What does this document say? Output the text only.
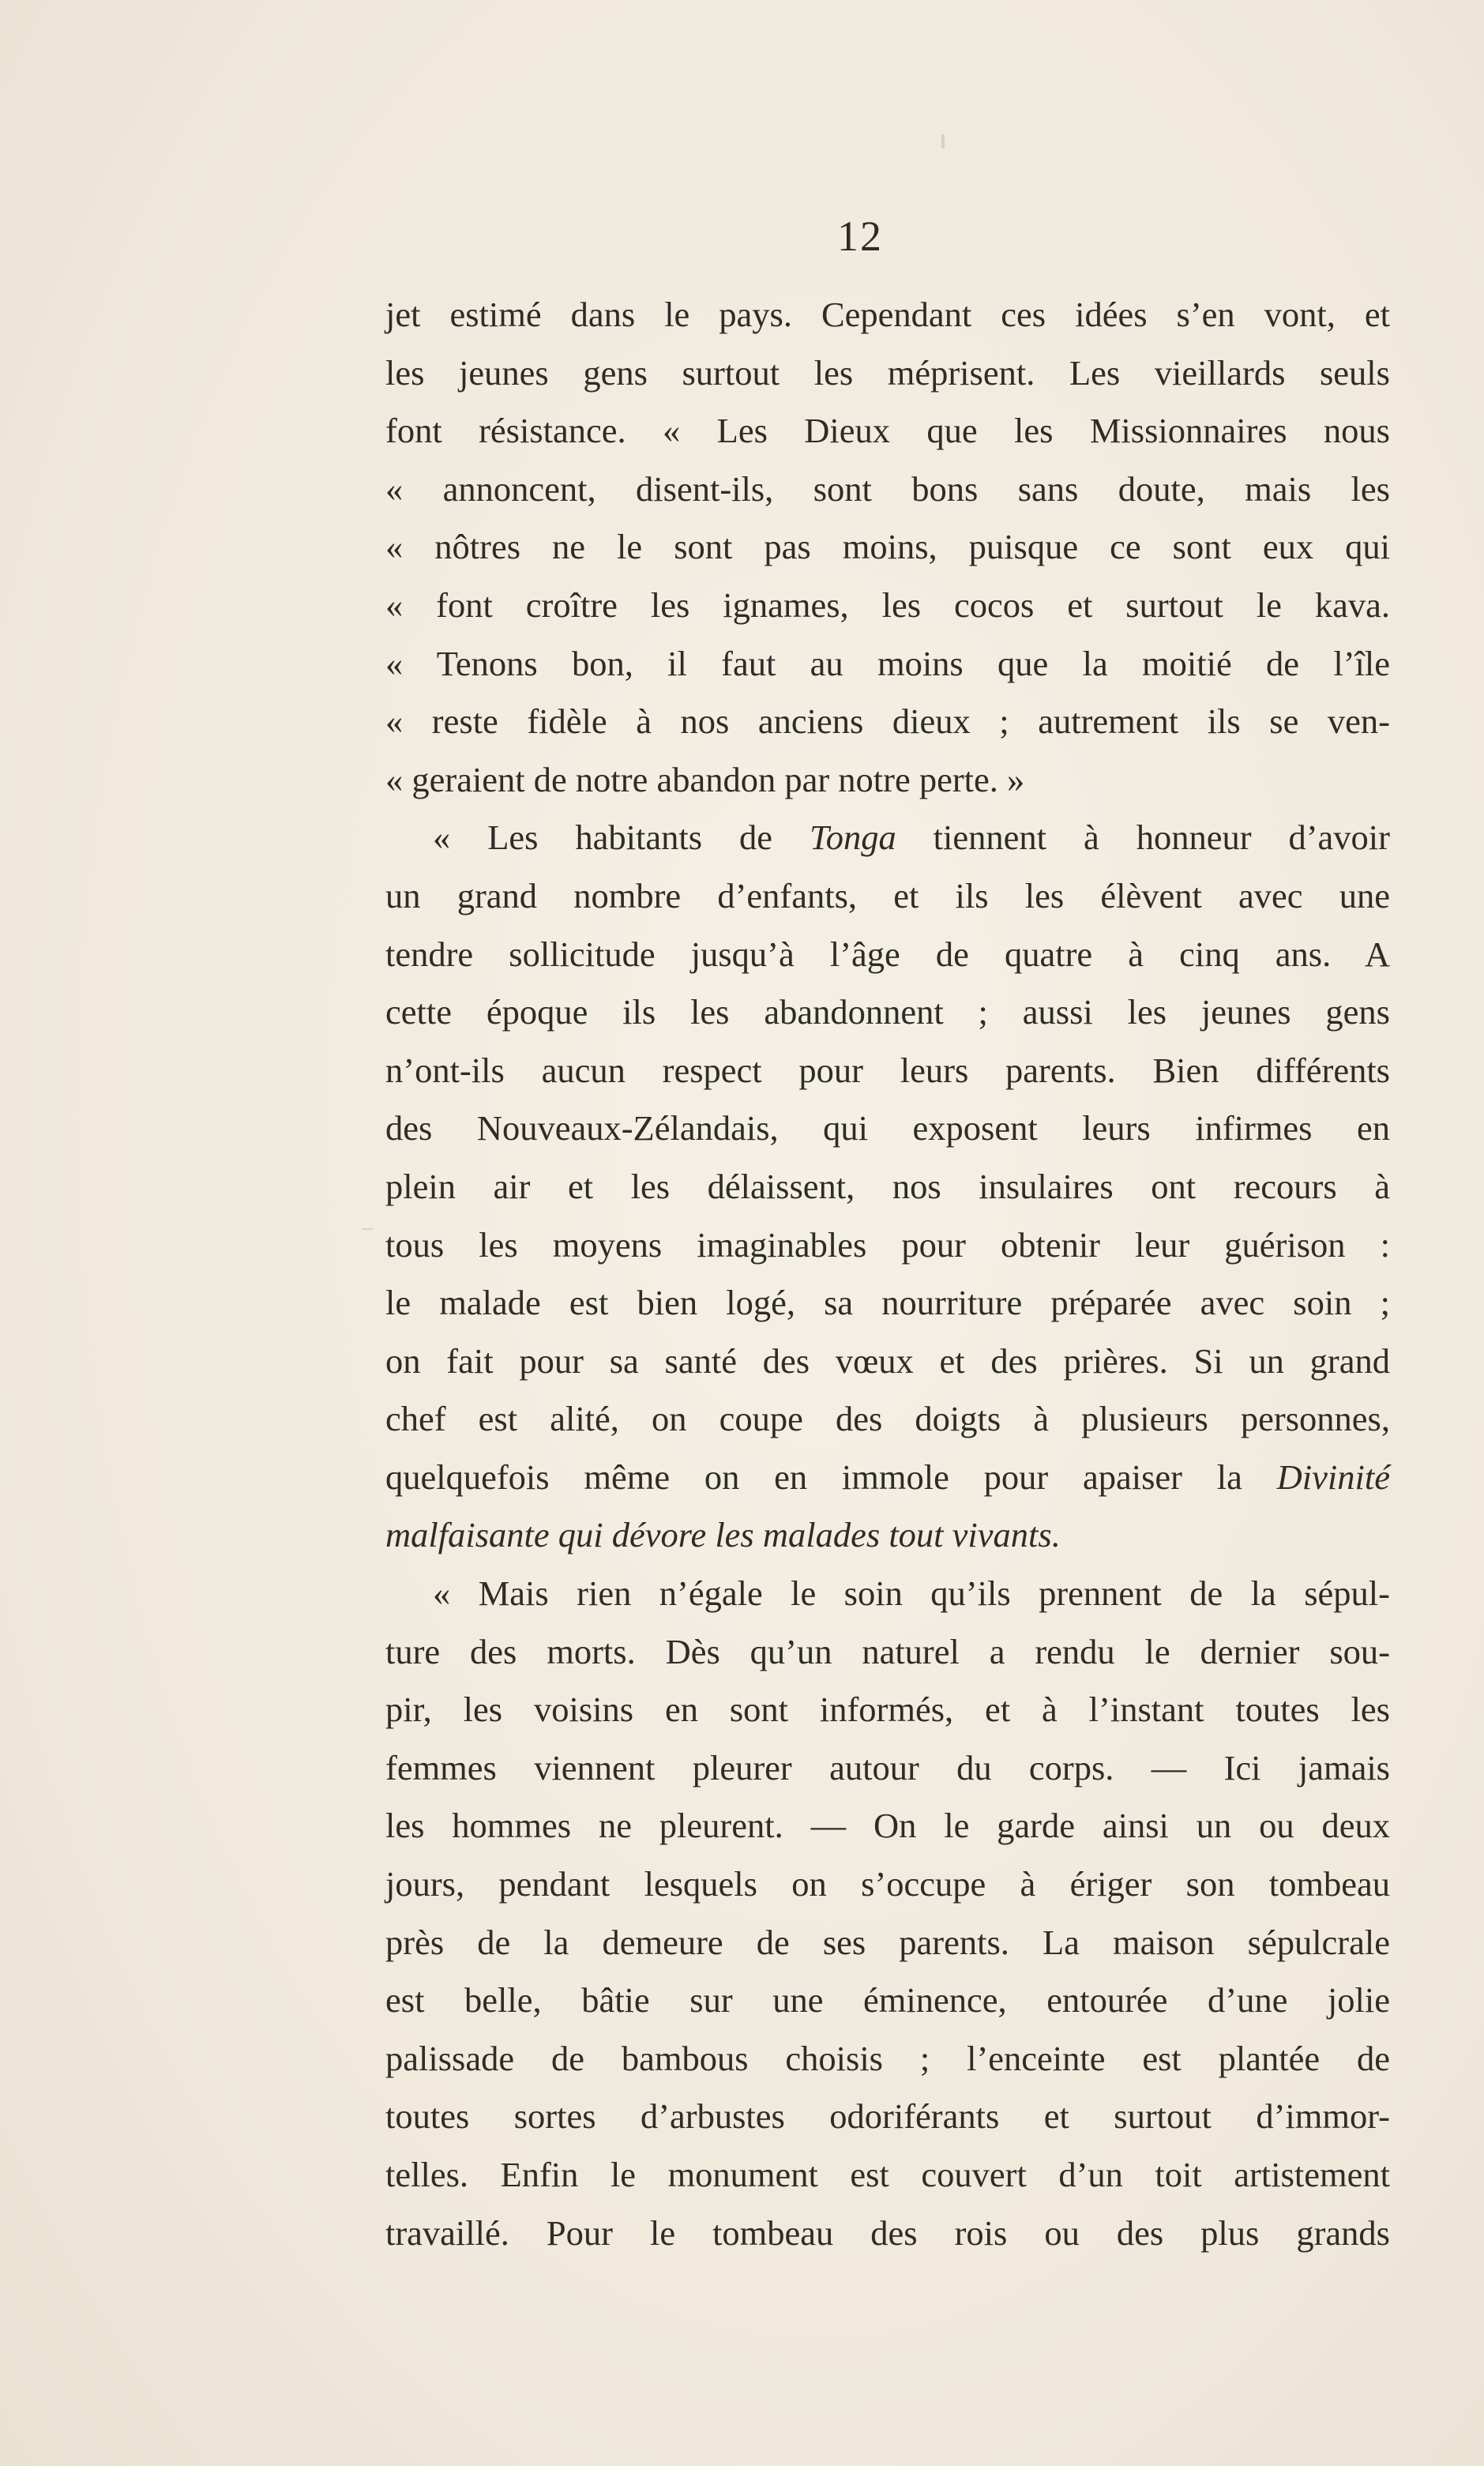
12
jet estimé dans le pays. Cependant ces idées s’en vont, et
les jeunes gens surtout les méprisent. Les vieillards seuls
font résistance. « Les Dieux que les Missionnaires nous
« annoncent, disent-ils, sont bons sans doute, mais les
« nôtres ne le sont pas moins, puisque ce sont eux qui
« font croître les ignames, les cocos et surtout le kava.
« Tenons bon, il faut au moins que la moitié de l’île
« reste fidèle à nos anciens dieux ; autrement ils se ven-
« geraient de notre abandon par notre perte. »
« Les habitants de Tonga tiennent à honneur d’avoir
un grand nombre d’enfants, et ils les élèvent avec une
tendre sollicitude jusqu’à l’âge de quatre à cinq ans. A
cette époque ils les abandonnent ; aussi les jeunes gens
n’ont-ils aucun respect pour leurs parents. Bien différents
des Nouveaux-Zélandais, qui exposent leurs infirmes en
plein air et les délaissent, nos insulaires ont recours à
tous les moyens imaginables pour obtenir leur guérison :
le malade est bien logé, sa nourriture préparée avec soin ;
on fait pour sa santé des vœux et des prières. Si un grand
chef est alité, on coupe des doigts à plusieurs personnes,
quelquefois même on en immole pour apaiser la Divinité
malfaisante qui dévore les malades tout vivants.
« Mais rien n’égale le soin qu’ils prennent de la sépul-
ture des morts. Dès qu’un naturel a rendu le dernier sou-
pir, les voisins en sont informés, et à l’instant toutes les
femmes viennent pleurer autour du corps. — Ici jamais
les hommes ne pleurent. — On le garde ainsi un ou deux
jours, pendant lesquels on s’occupe à ériger son tombeau
près de la demeure de ses parents. La maison sépulcrale
est belle, bâtie sur une éminence, entourée d’une jolie
palissade de bambous choisis ; l’enceinte est plantée de
toutes sortes d’arbustes odoriférants et surtout d’immor-
telles. Enfin le monument est couvert d’un toit artistement
travaillé. Pour le tombeau des rois ou des plus grands
